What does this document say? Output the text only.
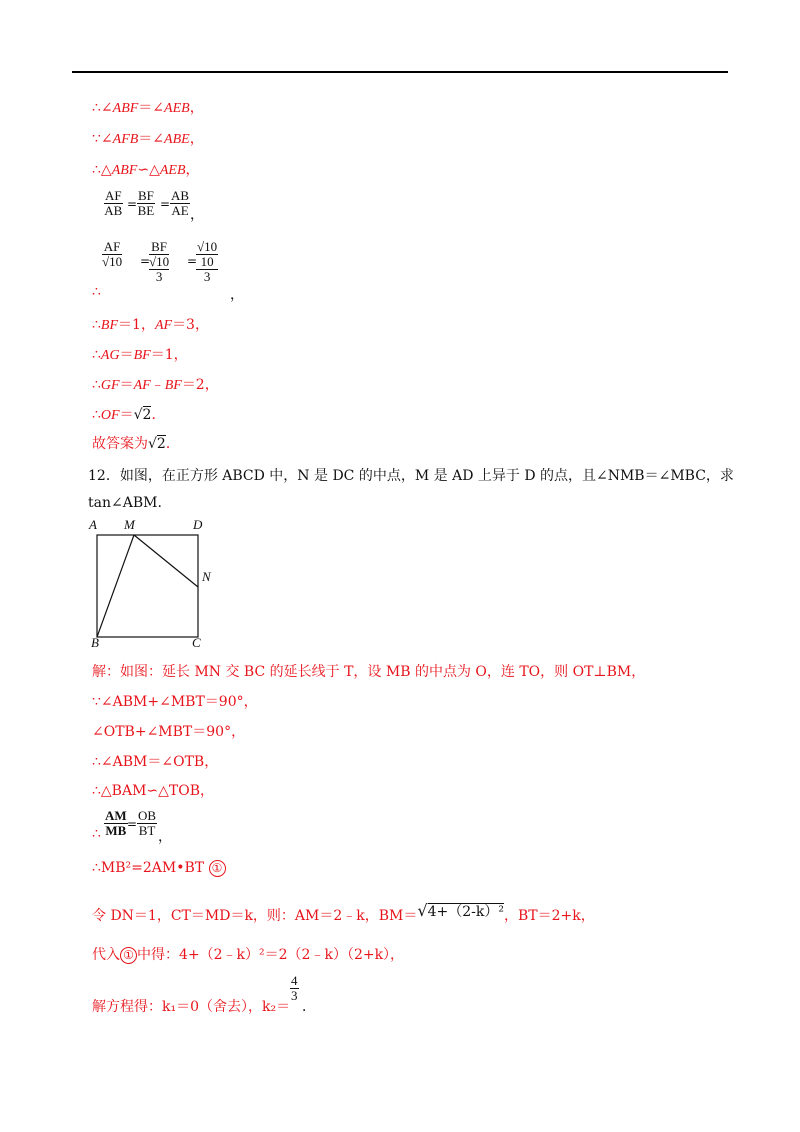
∴∠ABF＝∠AEB，
∵∠AFB＝∠ABE，
∴△ABF∽△AEB，
$\frac{AF}{AB} = \frac{BF}{BE} = \frac{AB}{AE}$ ，
$\frac{AF}{√10}$ =
BF
√10
3
=
√10
10
3
∴	，
∴BF＝1，AF＝3，
∴AG＝BF＝1，
∴GF＝AF﹣BF＝2，
∴OF＝√2．
故答案为√2．
12．如图，在正方形 ABCD 中，N 是 DC 的中点，M 是 AD 上异于 D 的点，且∠NMB＝∠MBC，求
tan∠ABM.
A M	D
N
B	C
解：如图：延长 MN 交 BC 的延长线于 T，设 MB 的中点为 O，连 TO，则 OT⊥BM，
∵∠ABM+∠MBT＝90°，
∠OTB+∠MBT＝90°，
∴∠ABM＝∠OTB，
∴△BAM∽△TOB，
$\frac{AM}{MB} = \frac{OB}{BT}$
∴	，
∴MB²=2AM•BT ①
令 DN＝1，CT＝MD＝k，则：AM＝2﹣k，BM＝√4+（2-k）²，BT＝2+k，
代入 ① 中得：4+（2﹣k）²＝2（2﹣k）（2+k），
解方程得：k₁＝0（舍去），k₂＝
$\frac{4}{3}$
．
